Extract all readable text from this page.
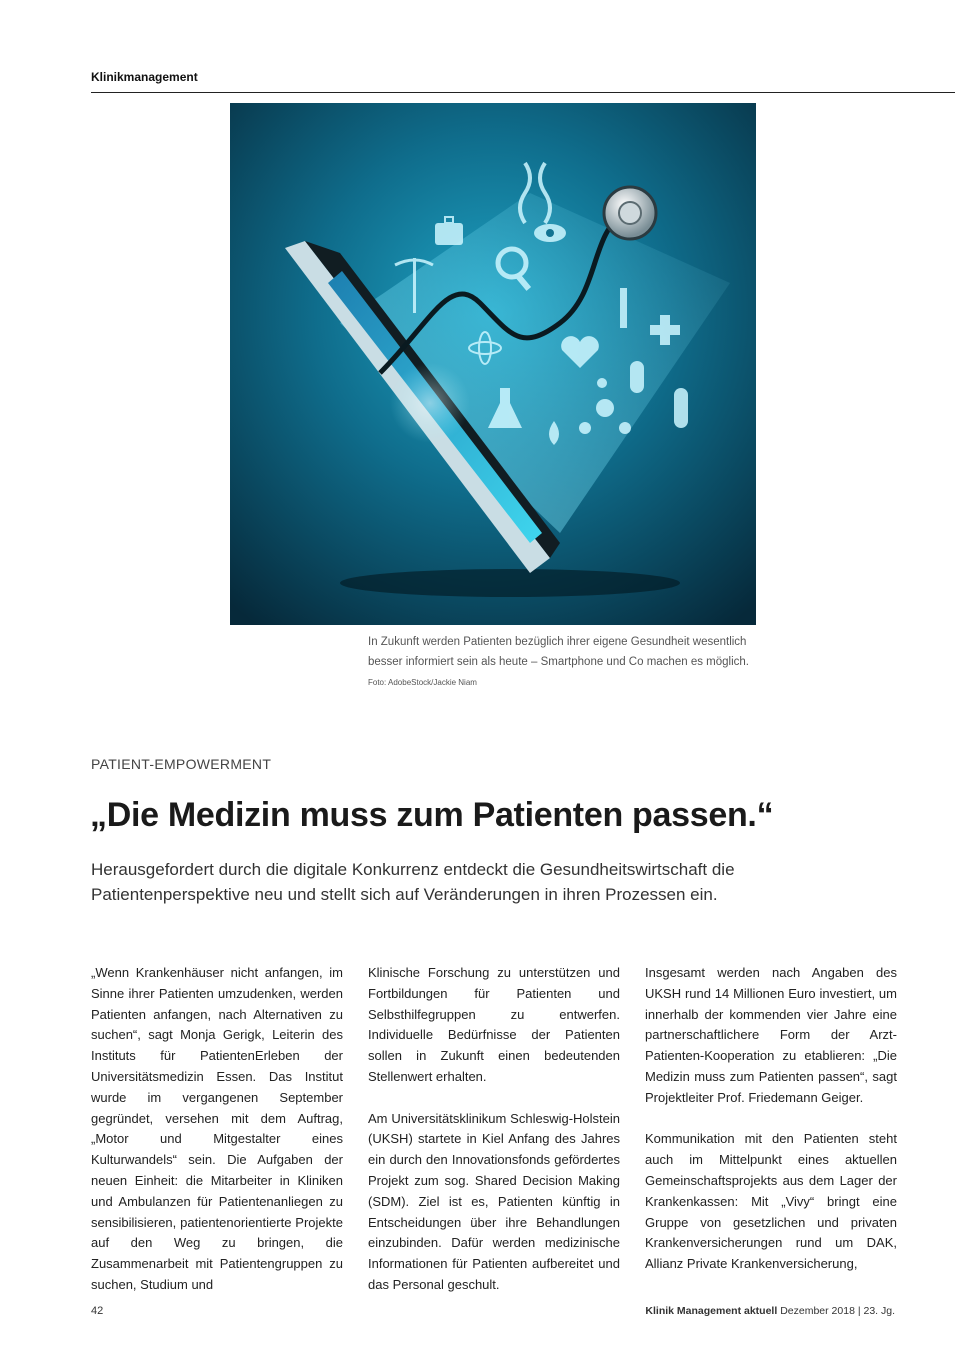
Klinikmanagement
In Zukunft werden Patienten bezüglich ihrer eigene Gesundheit wesentlich besser informiert sein als heute – Smartphone und Co machen es möglich. Foto: AdobeStock/Jackie Niam
PATIENT-EMPOWERMENT
„Die Medizin muss zum Patienten passen.“
Herausgefordert durch die digitale Konkurrenz entdeckt die Gesundheitswirtschaft die Patientenperspektive neu und stellt sich auf Veränderungen in ihren Prozessen ein.

„Wenn Krankenhäuser nicht anfangen, im Sinne ihrer Patienten umzudenken, werden Patienten anfangen, nach Alternativen zu suchen“, sagt Monja Gerigk, Leiterin des Instituts für PatientenErleben der Universitätsmedizin Essen. Das Institut wurde im vergangenen September gegründet, versehen mit dem Auftrag, „Motor und Mitgestalter eines Kulturwandels“ sein. Die Aufgaben der neuen Einheit: die Mitarbeiter in Kliniken und Ambulanzen für Patientenanliegen zu sensibilisieren, patientenorientierte Projekte auf den Weg zu bringen, die Zusammenarbeit mit Patientengruppen zu suchen, Studium und

Klinische Forschung zu unterstützen und Fortbildungen für Patienten und Selbsthilfegruppen zu entwerfen. Individuelle Bedürfnisse der Patienten sollen in Zukunft einen bedeutenden Stellenwert erhalten.

Am Universitätsklinikum Schleswig-Holstein (UKSH) startete in Kiel Anfang des Jahres ein durch den Innovationsfonds gefördertes Projekt zum sog. Shared Decision Making (SDM). Ziel ist es, Patienten künftig in Entscheidungen über ihre Behandlungen einzubinden. Dafür werden medizinische Informationen für Patienten aufbereitet und das Personal geschult.

Insgesamt werden nach Angaben des UKSH rund 14 Millionen Euro investiert, um innerhalb der kommenden vier Jahre eine partnerschaftlichere Form der Arzt-Patienten-Kooperation zu etablieren: „Die Medizin muss zum Patienten passen“, sagt Projektleiter Prof. Friedemann Geiger.

Kommunikation mit den Patienten steht auch im Mittelpunkt eines aktuellen Gemeinschaftsprojekts aus dem Lager der Krankenkassen: Mit „Vivy“ bringt eine Gruppe von gesetzlichen und privaten Krankenversicherungen rund um DAK, Allianz Private Krankenversicherung,

42	Klinik Management aktuell Dezember 2018 | 23. Jg.
